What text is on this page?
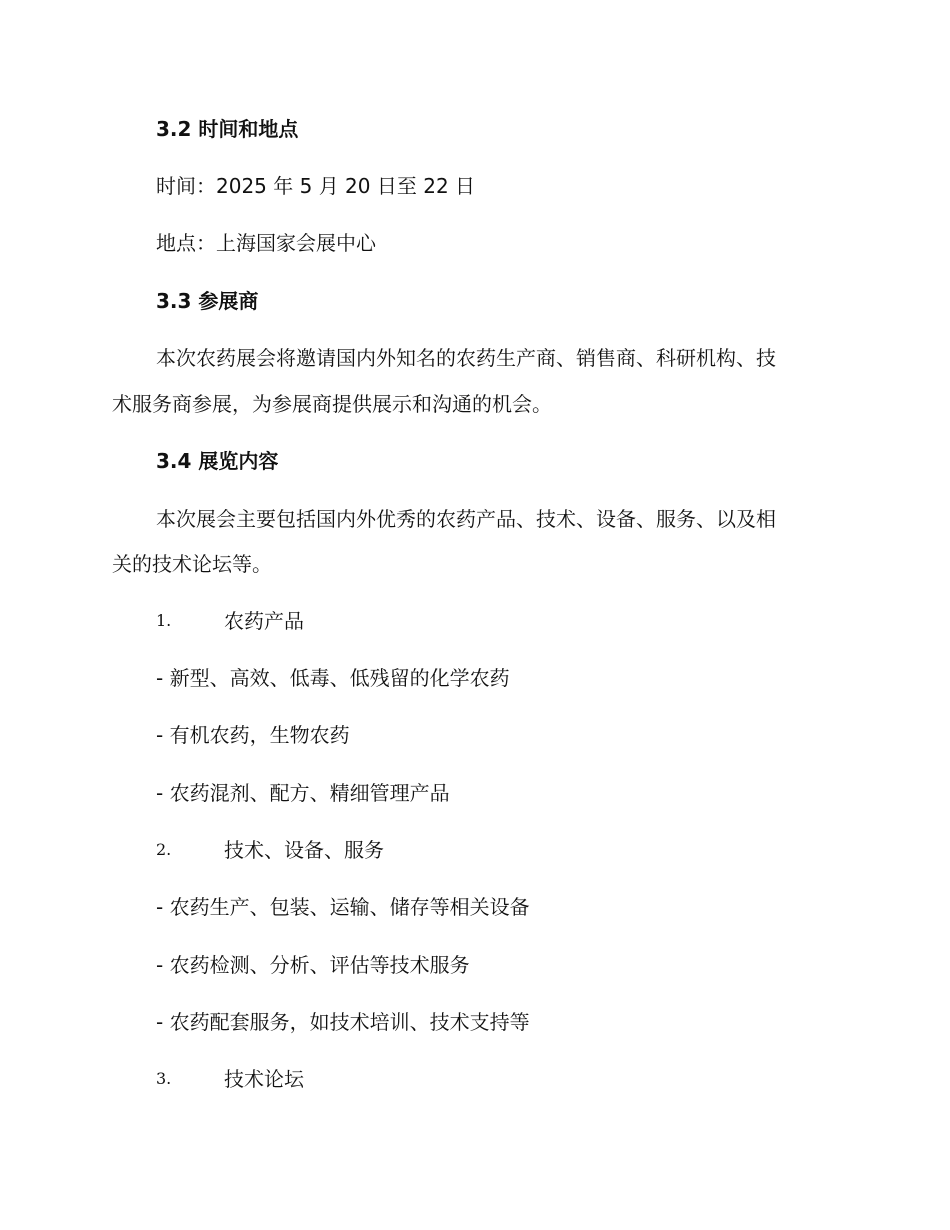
3.2 时间和地点
时间：2025 年 5 月 20 日至 22 日
地点：上海国家会展中心
3.3 参展商
本次农药展会将邀请国内外知名的农药生产商、销售商、科研机构、技
术服务商参展，为参展商提供展示和沟通的机会。
3.4 展览内容
本次展会主要包括国内外优秀的农药产品、技术、设备、服务、以及相
关的技术论坛等。
1.	农药产品
- 新型、高效、低毒、低残留的化学农药
- 有机农药，生物农药
- 农药混剂、配方、精细管理产品
2.	技术、设备、服务
- 农药生产、包装、运输、储存等相关设备
- 农药检测、分析、评估等技术服务
- 农药配套服务，如技术培训、技术支持等
3.	技术论坛
